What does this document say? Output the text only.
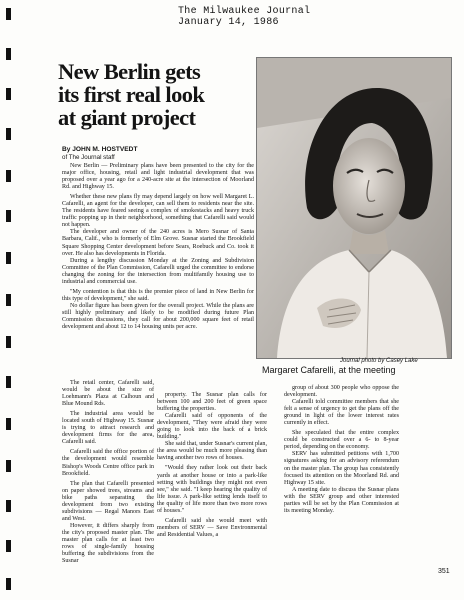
The Milwaukee Journal
January 14, 1986
New Berlin gets
its first real look
at giant project
By JOHN M. HOSTVEDT
of The Journal staff

New Berlin — Preliminary plans have been presented to the city for the major office, housing, retail and light industrial development that was proposed over a year ago for a 240-acre site at the intersection of Moorland Rd. and Highway 15.

Whether these new plans fly may depend largely on how well Margaret L. Cafarelli, an agent for the developer, can sell them to residents near the site. The residents have feared seeing a complex of smokestacks and heavy truck traffic popping up in their neighborhood, something that Cafarelli said would not happen.

The developer and owner of the 240 acres is Mero Susnar of Santa Barbara, Calif., who is formerly of Elm Grove. Susnar started the Brookfield Square Shopping Center development before Sears, Roebuck and Co. took it over. He also has developments in Florida.

During a lengthy discussion Monday at the Zoning and Subdivision Committee of the Plan Commission, Cafarelli urged the committee to endorse changing the zoning for the intersection from multifamily housing use to industrial and commercial use.

"My contention is that this is the premier piece of land in New Berlin for this type of development," she said.

No dollar figure has been given for the overall project. While the plans are still highly preliminary and likely to be modified during future Plan Commission discussions, they call for about 200,000 square feet of retail development and about 12 to 14 housing units per acre.

Journal photo by Casey Lake
Margaret Cafarelli, at the meeting

The retail center, Cafarelli said, would be about the size of Loehmann's Plaza at Calhoun and Blue Mound Rds.

The industrial area would be located south of Highway 15. Susnar is trying to attract research and development firms for the area, Cafarelli said.

Cafarelli said the office portion of the development would resemble Bishop's Woods Centre office park in Brookfield.

The plan that Cafarelli presented on paper showed trees, streams and bike paths separating the development from two existing subdivisions — Regal Manors East and West.

However, it differs sharply from the city's proposed master plan. The master plan calls for at least two rows of single-family housing buffering the subdivisions from the Susnar

property. The Susnar plan calls for between 100 and 200 feet of green space buffering the properties.

Cafarelli said of opponents of the development, "They were afraid they were going to look into the back of a brick building."

She said that, under Susnar's current plan, the area would be much more pleasing than having another two rows of houses.

"Would they rather look out their back yards at another house or into a park-like setting with buildings they might not even see," she said. "I keep hearing the quality of life issue. A park-like setting lends itself to the quality of life more than two more rows of houses."

Cafarelli said she would meet with members of SERV — Save Environmental and Residential Values, a

group of about 300 people who oppose the development.

Cafarelli told committee members that she felt a sense of urgency to get the plans off the ground in light of the lower interest rates currently in effect.

She speculated that the entire complex could be constructed over a 6- to 8-year period, depending on the economy.

SERV has submitted petitions with 1,700 signatures asking for an advisory referendum on the master plan. The group has consistently focused its attention on the Moorland Rd. and Highway 15 site.

A meeting date to discuss the Susnar plans with the SERV group and other interested parties will be set by the Plan Commission at its meeting Monday.

351
